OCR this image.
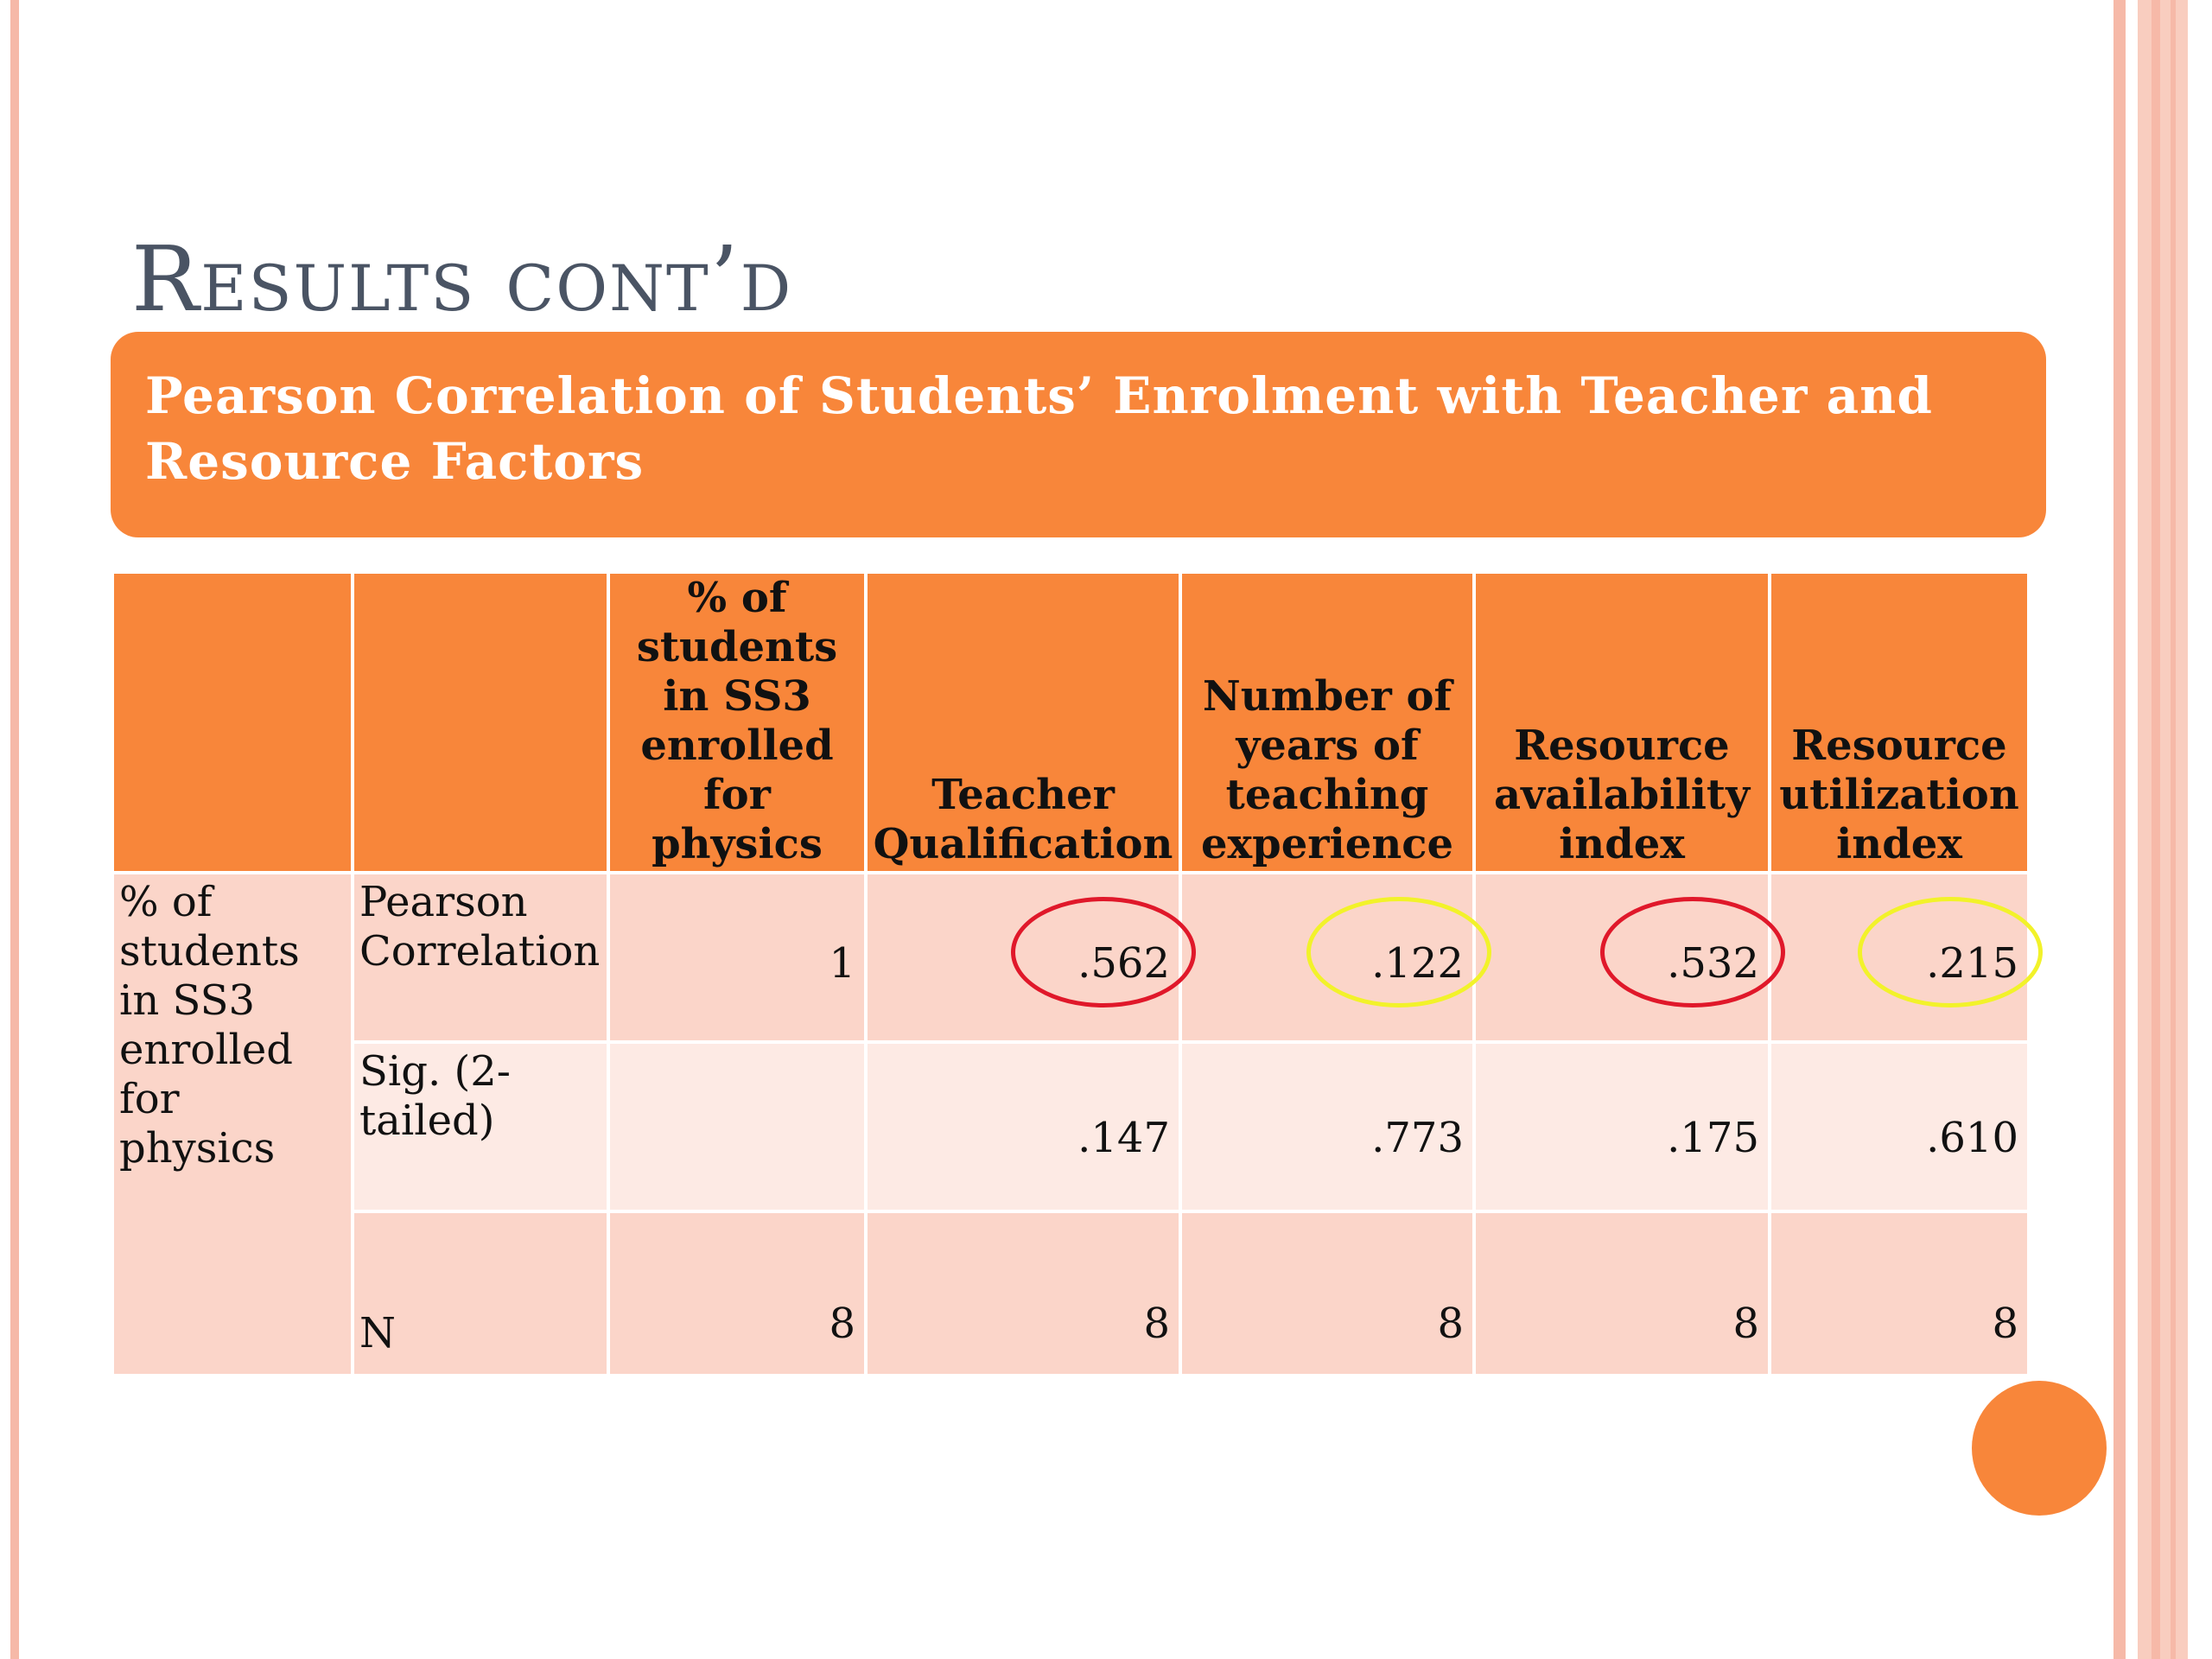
Results cont’d
Pearson Correlation of Students’ Enrolment with Teacher and Resource Factors
		% of students in SS3 enrolled for physics	Teacher Qualification	Number of years of teaching experience	Resource availability index	Resource utilization index
% of students in SS3 enrolled for physics	Pearson Correlation	1	.562	.122	.532	.215
	Sig. (2-tailed)		.147	.773	.175	.610
	N	8	8	8	8	8
